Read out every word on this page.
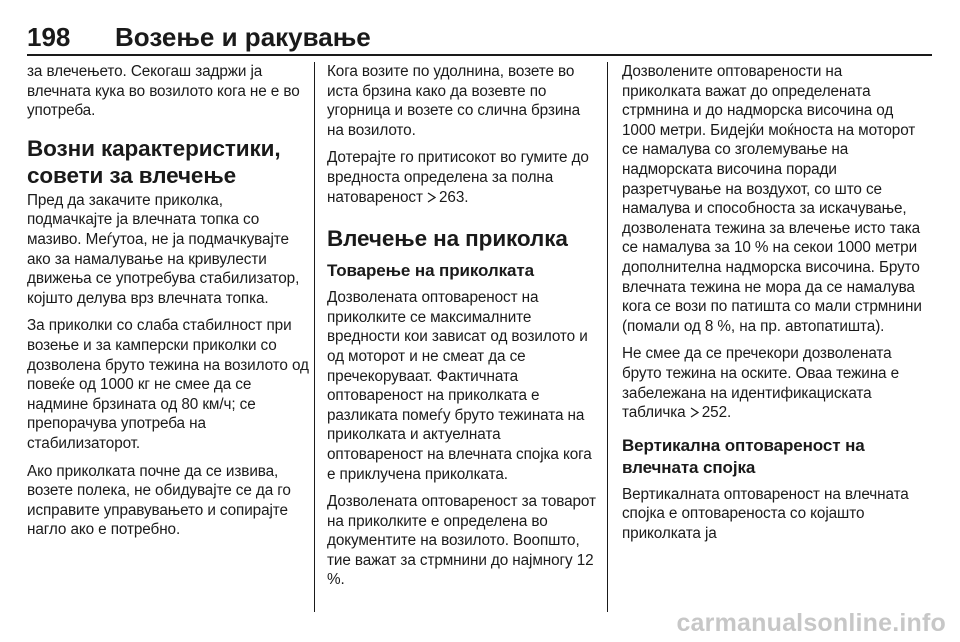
198	Возење и ракување

за влечењето. Секогаш задржи ја влечната кука во возилото кога не е во употреба.

Возни карактеристики, совети за влечење

Пред да закачите приколка, подмачкајте ја влечната топка со мазиво. Меѓутоа, не ја подмачкувајте ако за намалување на кривулести движења се употребува стабилизатор, којшто делува врз влечната топка.

За приколки со слаба стабилност при возење и за камперски приколки со дозволена бруто тежина на возилото од повеќе од 1000 кг не смее да се надмине брзината од 80 км/ч; се препорачува употреба на стабилизаторот.

Ако приколката почне да се извива, возете полека, не обидувајте се да го исправите управувањето и сопирајте нагло ако е потребно.

Кога возите по удолнина, возете во иста брзина како да возевте по угорница и возете со слична брзина на возилото.

Дотерајте го притисокот во гумите до вредноста определена за полна натовареност 263.

Влечење на приколка
Товарење на приколката

Дозволената оптовареност на приколките се максималните вредности кои зависат од возилото и од моторот и не смеат да се пречекоруваат. Фактичната оптовареност на приколката е разликата помеѓу бруто тежината на приколката и актуелната оптовареност на влечната спојка кога е приклучена приколката.

Дозволената оптовареност за товарот на приколките е определена во документите на возилото. Воопшто, тие важат за стрмнини до најмногу 12 %.

Дозволените оптоварености на приколката важат до определената стрмнина и до надморска височина од 1000 метри. Бидејќи моќноста на моторот се намалува со зголемување на надморската височина поради разретчување на воздухот, со што се намалува и способноста за искачување, дозволената тежина за влечење исто така се намалува за 10 % на секои 1000 метри дополнителна надморска височина. Бруто влечната тежина не мора да се намалува кога се вози по патишта со мали стрмнини (помали од 8 %, на пр. автопатишта).

Не смее да се пречекори дозволената бруто тежина на оските. Оваа тежина е забележана на идентификациската табличка 252.

Вертикална оптовареност на влечната спојка

Вертикалната оптовареност на влечната спојка е оптовареноста со којашто приколката ја

carmanualsonline.info
